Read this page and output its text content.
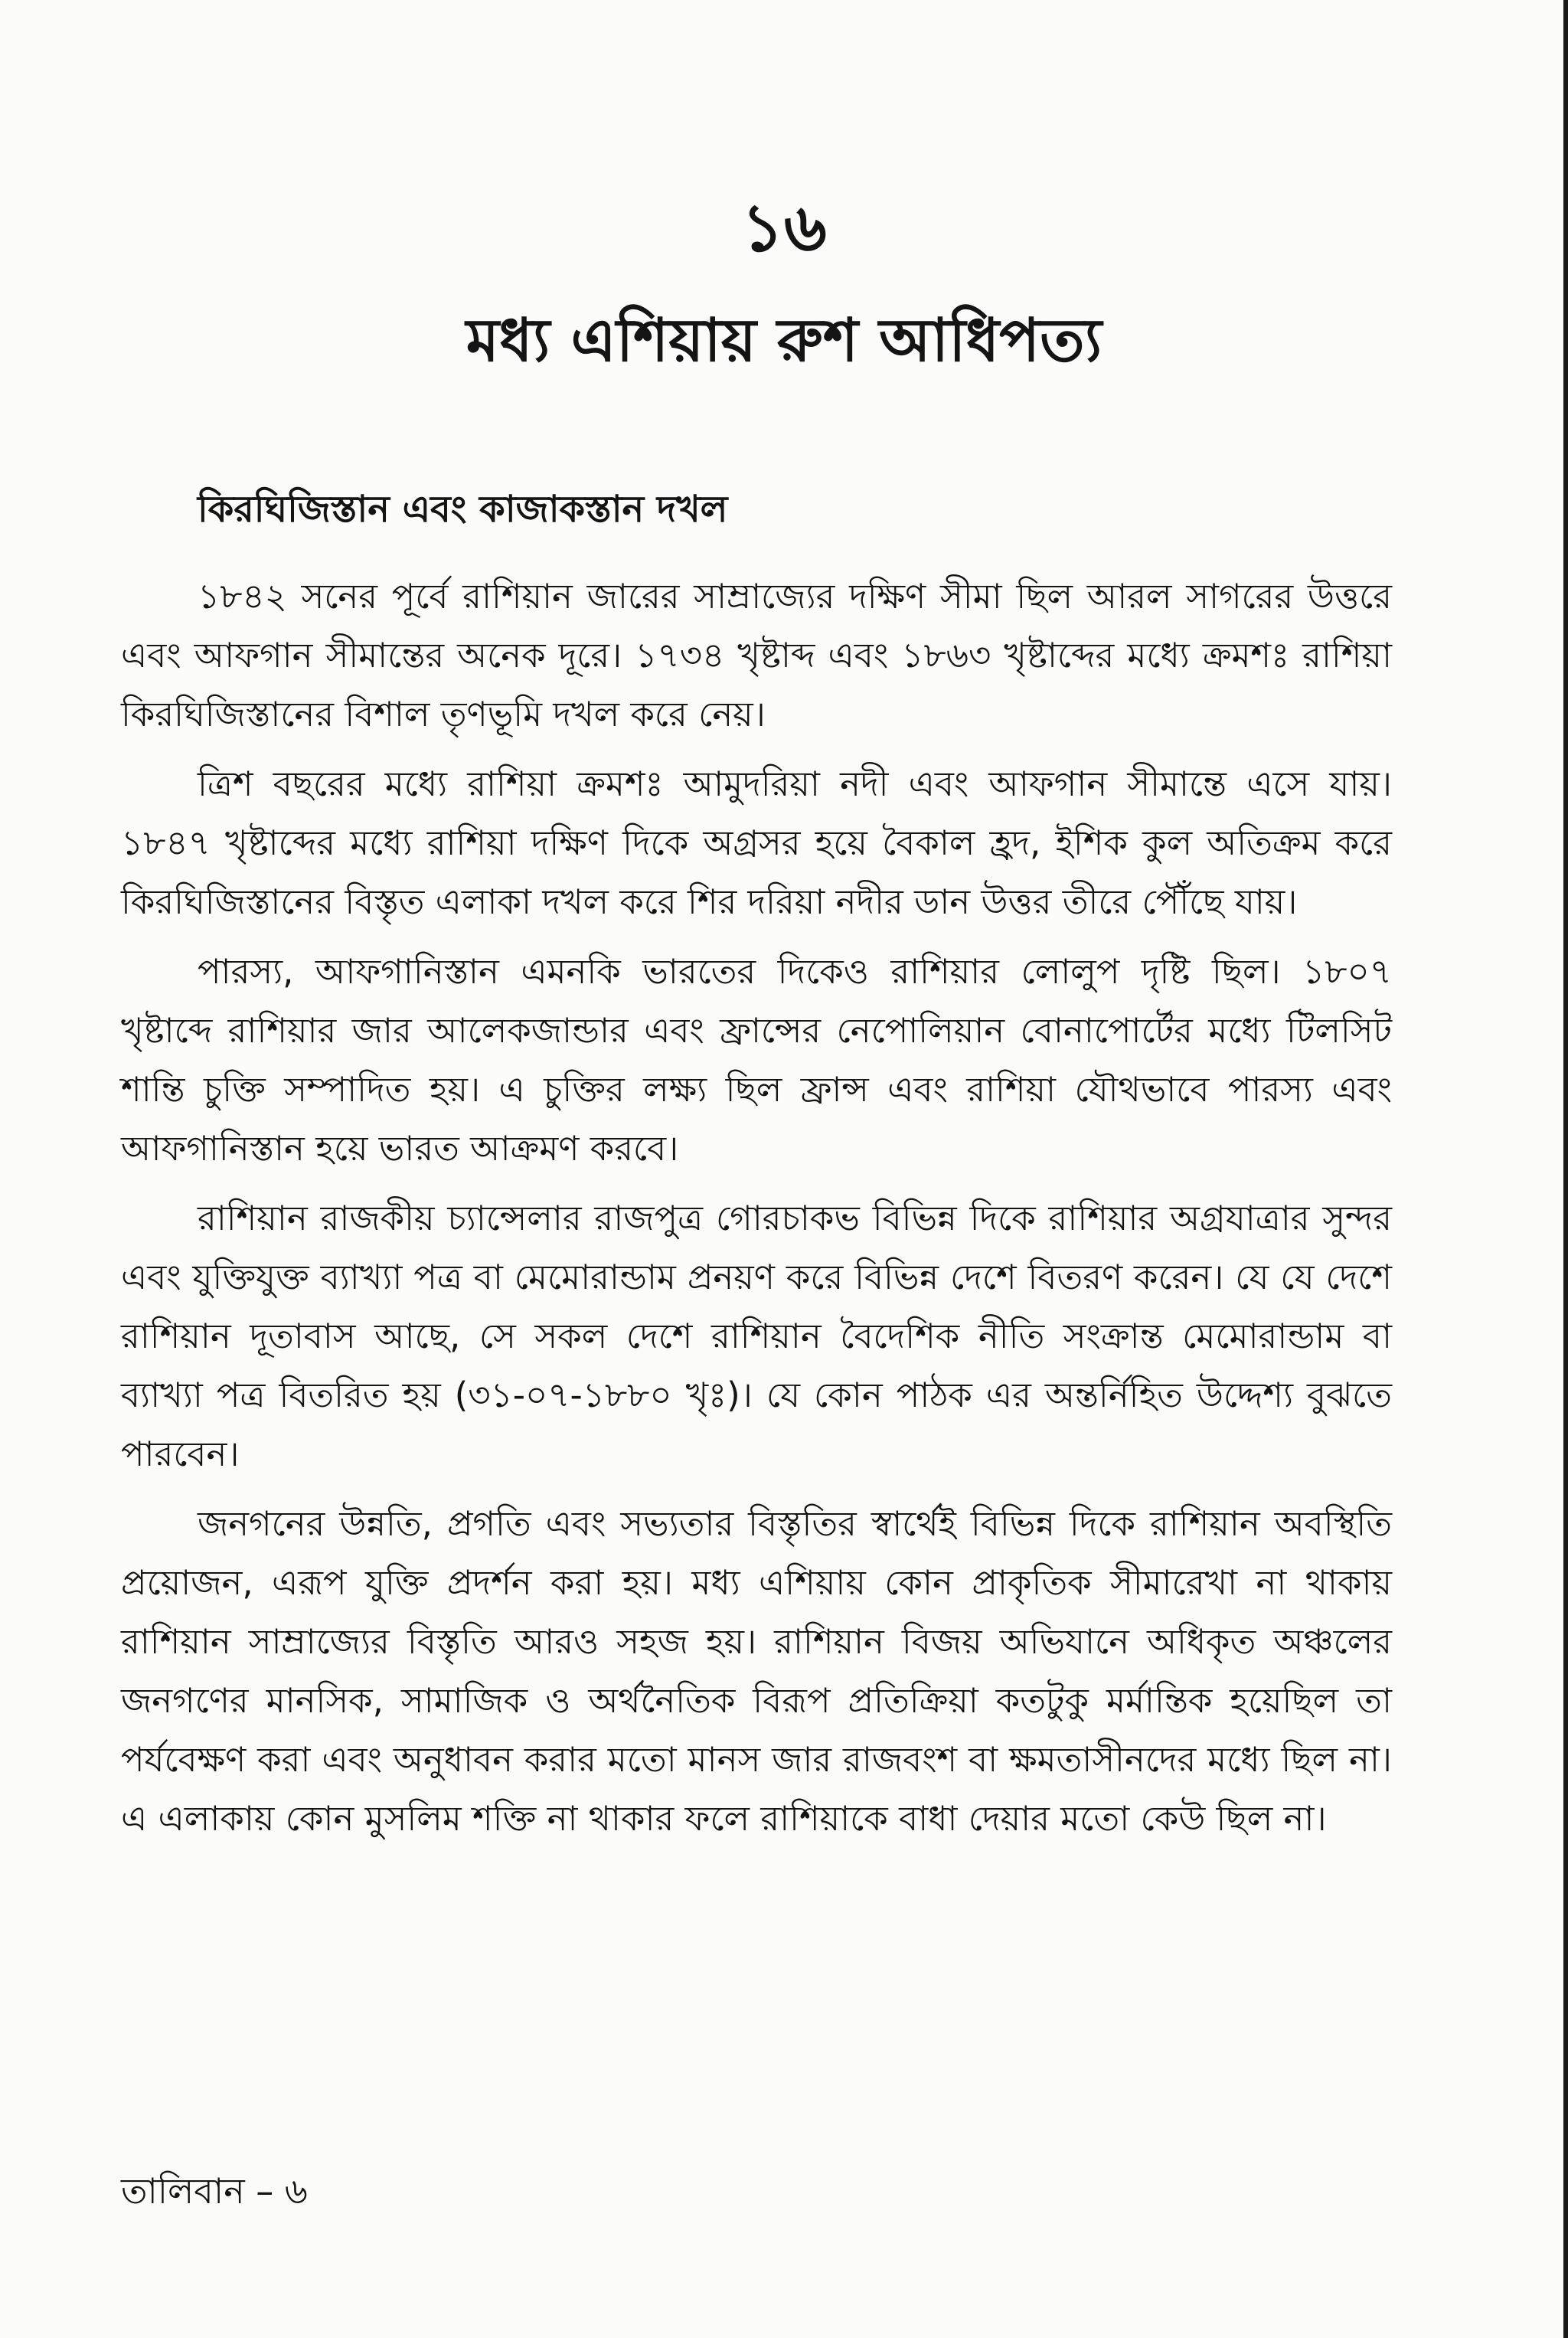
১৬
মধ্য এশিয়ায় রুশ আধিপত্য
কিরঘিজিস্তান এবং কাজাকস্তান দখল

১৮৪২ সনের পূর্বে রাশিয়ান জারের সাম্রাজ্যের দক্ষিণ সীমা ছিল আরল সাগরের উত্তরে এবং আফগান সীমান্তের অনেক দূরে। ১৭৩৪ খৃষ্টাব্দ এবং ১৮৬৩ খৃষ্টাব্দের মধ্যে ক্রমশঃ রাশিয়া কিরঘিজিস্তানের বিশাল তৃণভূমি দখল করে নেয়।

ত্রিশ বছরের মধ্যে রাশিয়া ক্রমশঃ আমুদরিয়া নদী এবং আফগান সীমান্তে এসে যায়। ১৮৪৭ খৃষ্টাব্দের মধ্যে রাশিয়া দক্ষিণ দিকে অগ্রসর হয়ে বৈকাল হ্রদ, ইশিক কুল অতিক্রম করে কিরঘিজিস্তানের বিস্তৃত এলাকা দখল করে শির দরিয়া নদীর ডান উত্তর তীরে পৌঁছে যায়।

পারস্য, আফগানিস্তান এমনকি ভারতের দিকেও রাশিয়ার লোলুপ দৃষ্টি ছিল। ১৮০৭ খৃষ্টাব্দে রাশিয়ার জার আলেকজান্ডার এবং ফ্রান্সের নেপোলিয়ান বোনাপোর্টের মধ্যে টিলসিট শান্তি চুক্তি সম্পাদিত হয়। এ চুক্তির লক্ষ্য ছিল ফ্রান্স এবং রাশিয়া যৌথভাবে পারস্য এবং আফগানিস্তান হয়ে ভারত আক্রমণ করবে।

রাশিয়ান রাজকীয় চ্যান্সেলার রাজপুত্র গোরচাকভ বিভিন্ন দিকে রাশিয়ার অগ্রযাত্রার সুন্দর এবং যুক্তিযুক্ত ব্যাখ্যা পত্র বা মেমোরান্ডাম প্রনয়ণ করে বিভিন্ন দেশে বিতরণ করেন। যে যে দেশে রাশিয়ান দূতাবাস আছে, সে সকল দেশে রাশিয়ান বৈদেশিক নীতি সংক্রান্ত মেমোরান্ডাম বা ব্যাখ্যা পত্র বিতরিত হয় (৩১-০৭-১৮৮০ খৃঃ)। যে কোন পাঠক এর অন্তর্নিহিত উদ্দেশ্য বুঝতে পারবেন।

জনগনের উন্নতি, প্রগতি এবং সভ্যতার বিস্তৃতির স্বার্থেই বিভিন্ন দিকে রাশিয়ান অবস্থিতি প্রয়োজন, এরূপ যুক্তি প্রদর্শন করা হয়। মধ্য এশিয়ায় কোন প্রাকৃতিক সীমারেখা না থাকায় রাশিয়ান সাম্রাজ্যের বিস্তৃতি আরও সহজ হয়। রাশিয়ান বিজয় অভিযানে অধিকৃত অঞ্চলের জনগণের মানসিক, সামাজিক ও অর্থনৈতিক বিরূপ প্রতিক্রিয়া কতটুকু মর্মান্তিক হয়েছিল তা পর্যবেক্ষণ করা এবং অনুধাবন করার মতো মানস জার রাজবংশ বা ক্ষমতাসীনদের মধ্যে ছিল না। এ এলাকায় কোন মুসলিম শক্তি না থাকার ফলে রাশিয়াকে বাধা দেয়ার মতো কেউ ছিল না।

তালিবান – ৬
